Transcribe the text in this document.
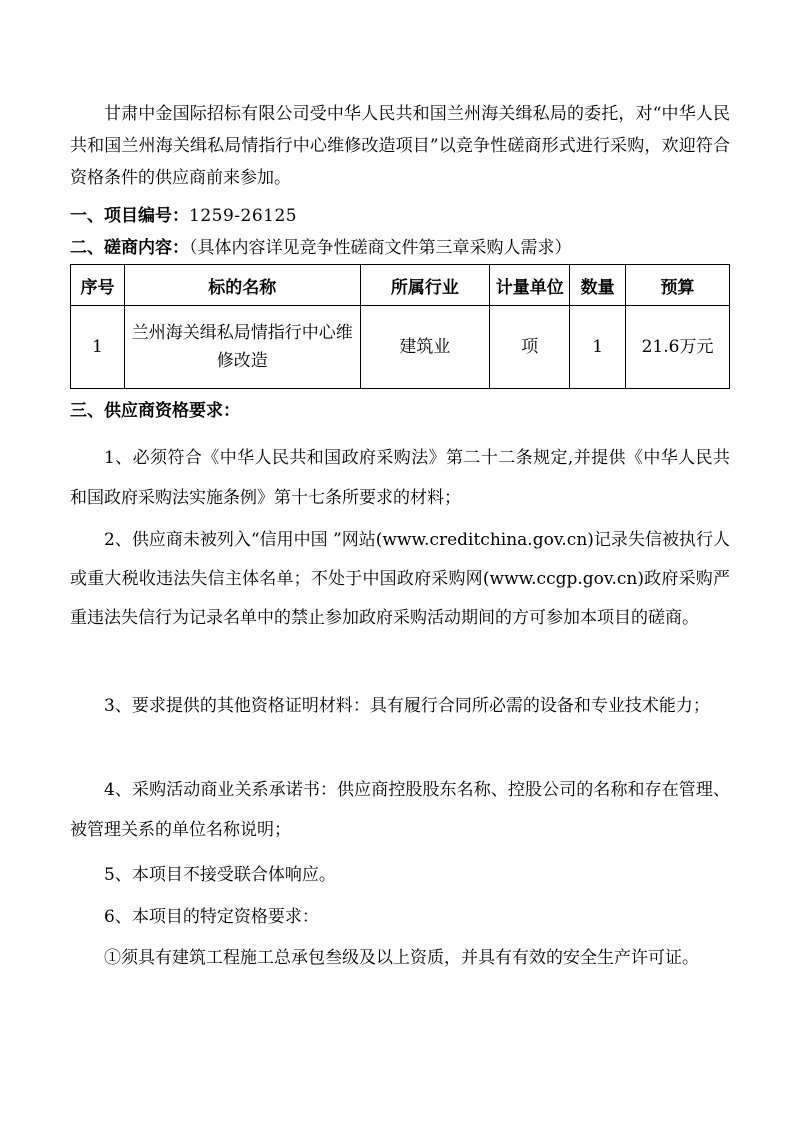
甘肃中金国际招标有限公司受中华人民共和国兰州海关缉私局的委托，对“中华人民共和国兰州海关缉私局情指行中心维修改造项目”以竞争性磋商形式进行采购，欢迎符合资格条件的供应商前来参加。
一、项目编号：1259-26125
二、磋商内容：（具体内容详见竞争性磋商文件第三章采购人需求）
序号	标的名称	所属行业	计量单位	数量	预算
1	兰州海关缉私局情指行中心维修改造	建筑业	项	1	21.6万元
三、供应商资格要求：
1、必须符合《中华人民共和国政府采购法》第二十二条规定,并提供《中华人民共和国政府采购法实施条例》第十七条所要求的材料；
2、供应商未被列入“信用中国 ”网站(www.creditchina.gov.cn)记录失信被执行人或重大税收违法失信主体名单；不处于中国政府采购网(www.ccgp.gov.cn)政府采购严重违法失信行为记录名单中的禁止参加政府采购活动期间的方可参加本项目的磋商。
3、要求提供的其他资格证明材料：具有履行合同所必需的设备和专业技术能力；
4、采购活动商业关系承诺书：供应商控股股东名称、控股公司的名称和存在管理、被管理关系的单位名称说明；
5、本项目不接受联合体响应。
6、本项目的特定资格要求：
①须具有建筑工程施工总承包叁级及以上资质，并具有有效的安全生产许可证。
